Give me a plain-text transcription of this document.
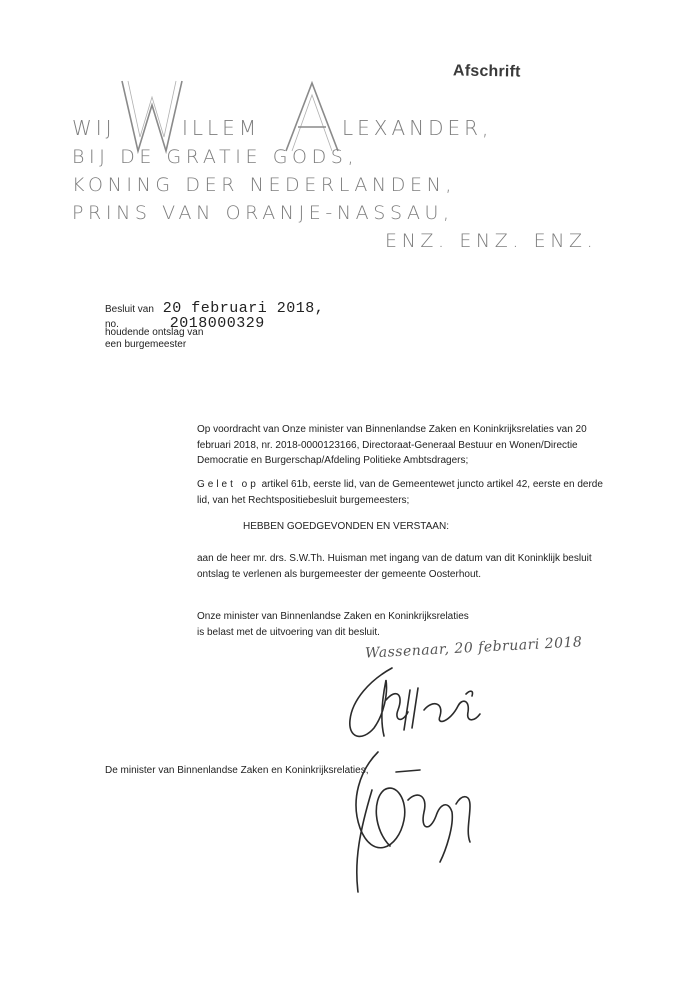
Afschrift
WIJ
W
ILLEM
A
LEXANDER,
BIJ DE GRATIE GODS,
KONING DER NEDERLANDEN,
PRINS VAN ORANJE-NASSAU,
ENZ. ENZ. ENZ.
Besluit van 20 februari 2018,
no.	2018000329
houdende ontslag van
een burgemeester

Op voordracht van Onze minister van Binnenlandse Zaken en Koninkrijksrelaties van 20 februari 2018, nr. 2018-0000123166, Directoraat-Generaal Bestuur en Wonen/Directie Democratie en Burgerschap/Afdeling Politieke Ambtsdragers;

Gelet op artikel 61b, eerste lid, van de Gemeentewet juncto artikel 42, eerste en derde lid, van het Rechtspositiebesluit burgemeesters;

HEBBEN GOEDGEVONDEN EN VERSTAAN:

aan de heer mr. drs. S.W.Th. Huisman met ingang van de datum van dit Koninklijk besluit ontslag te verlenen als burgemeester der gemeente Oosterhout.

Onze minister van Binnenlandse Zaken en Koninkrijksrelaties

is belast met de uitvoering van dit besluit.

Wassenaar, 20 februari 2018
De minister van Binnenlandse Zaken en Koninkrijksrelaties,
